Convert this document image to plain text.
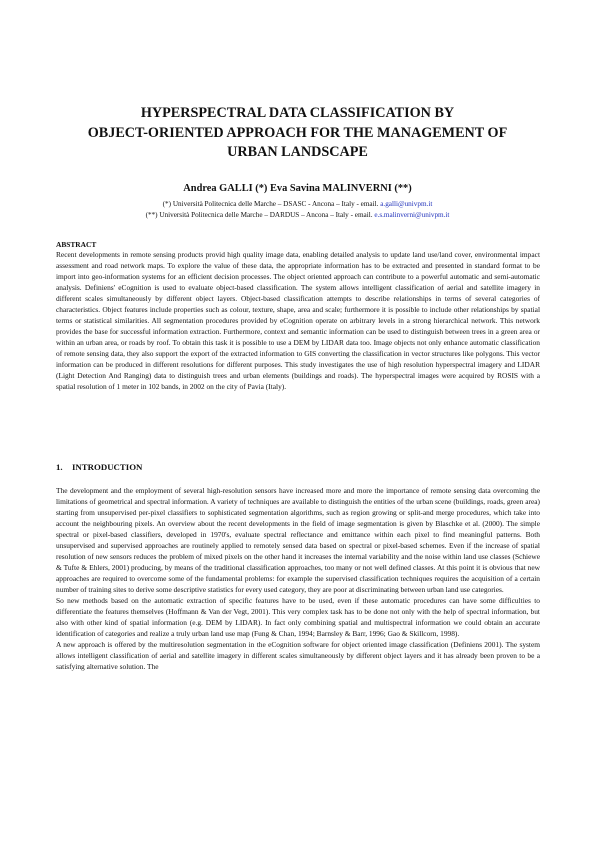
HYPERSPECTRAL DATA CLASSIFICATION BY
OBJECT-ORIENTED APPROACH FOR THE MANAGEMENT OF
URBAN LANDSCAPE
Andrea GALLI (*) Eva Savina MALINVERNI (**)
(*) Università Politecnica delle Marche – DSASC - Ancona – Italy - email. a.galli@univpm.it
(**) Università Politecnica delle Marche – DARDUS – Ancona – Italy - email. e.s.malinverni@univpm.it
ABSTRACT

Recent developments in remote sensing products provid high quality image data, enabling detailed analysis to update land use/land cover, environmental impact assessment and road network maps. To explore the value of these data, the appropriate information has to be extracted and presented in standard format to be import into geo-information systems for an efficient decision processes. The object oriented approach can contribute to a powerful automatic and semi-automatic analysis. Definiens' eCognition is used to evaluate object-based classification. The system allows intelligent classification of aerial and satellite imagery in different scales simultaneously by different object layers. Object-based classification attempts to describe relationships in terms of several categories of characteristics. Object features include properties such as colour, texture, shape, area and scale; furthermore it is possible to include other relationships by spatial terms or statistical similarities. All segmentation procedures provided by eCognition operate on arbitrary levels in a strong hierarchical network. This network provides the base for successful information extraction. Furthermore, context and semantic information can be used to distinguish between trees in a green area or within an urban area, or roads by roof. To obtain this task it is possible to use a DEM by LIDAR data too. Image objects not only enhance automatic classification of remote sensing data, they also support the export of the extracted information to GIS converting the classification in vector structures like polygons. This vector information can be produced in different resolutions for different purposes. This study investigates the use of high resolution hyperspectral imagery and LIDAR (Light Detection And Ranging) data to distinguish trees and urban elements (buildings and roads). The hyperspectral images were acquired by ROSIS with a spatial resolution of 1 meter in 102 bands, in 2002 on the city of Pavia (Italy).

1. INTRODUCTION

The development and the employment of several high-resolution sensors have increased more and more the importance of remote sensing data overcoming the limitations of geometrical and spectral information. A variety of techniques are available to distinguish the entities of the urban scene (buildings, roads, green area) starting from unsupervised per-pixel classifiers to sophisticated segmentation algorithms, such as region growing or split-and merge procedures, which take into account the neighbouring pixels. An overview about the recent developments in the field of image segmentation is given by Blaschke et al. (2000). The simple spectral or pixel-based classifiers, developed in 1970's, evaluate spectral reflectance and emittance within each pixel to find meaningful patterns. Both unsupervised and supervised approaches are routinely applied to remotely sensed data based on spectral or pixel-based schemes. Even if the increase of spatial resolution of new sensors reduces the problem of mixed pixels on the other hand it increases the internal variability and the noise within land use classes (Schiewe & Tufte & Ehlers, 2001) producing, by means of the traditional classification approaches, too many or not well defined classes. At this point it is obvious that new approaches are required to overcome some of the fundamental problems: for example the supervised classification techniques requires the acquisition of a certain number of training sites to derive some descriptive statistics for every used category, they are poor at discriminating between urban land use categories.

So new methods based on the automatic extraction of specific features have to be used, even if these automatic procedures can have some difficulties to differentiate the features themselves (Hoffmann & Van der Vegt, 2001). This very complex task has to be done not only with the help of spectral information, but also with other kind of spatial information (e.g. DEM by LIDAR). In fact only combining spatial and multispectral information we could obtain an accurate identification of categories and realize a truly urban land use map (Fung & Chan, 1994; Barnsley & Barr, 1996; Gao & Skillcorn, 1998).

A new approach is offered by the multiresolution segmentation in the eCognition software for object oriented image classification (Definiens 2001). The system allows intelligent classification of aerial and satellite imagery in different scales simultaneously by different object layers and it has already been proven to be a satisfying alternative solution. The
